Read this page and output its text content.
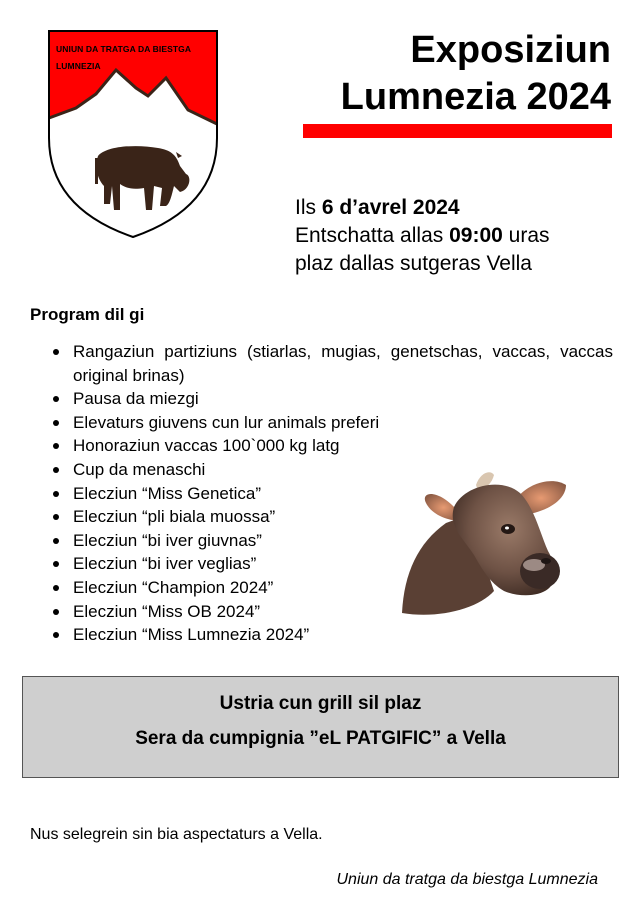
UNIUN DA TRATGA DA BIESTGA
LUMNEZIA	Exposiziun
Lumnezia 2024
Ils 6 d’avrel 2024
Entschatta allas 09:00 uras
plaz dallas sutgeras Vella
Program dil gi
Rangaziun partiziuns (stiarlas, mugias, genetschas, vaccas, vaccas original brinas)
Pausa da miezgi
Elevaturs giuvens cun lur animals preferi
Honoraziun vaccas 100`000 kg latg
Cup da menaschi
Elecziun “Miss Genetica”
Elecziun “pli biala muossa”
Elecziun “bi iver giuvnas”
Elecziun “bi iver veglias”
Elecziun “Champion 2024”
Elecziun “Miss OB 2024”
Elecziun “Miss Lumnezia 2024”
Ustria cun grill sil plaz
Sera da cumpignia ”eL PATGIFIC” a Vella
Nus selegrein sin bia aspectaturs a Vella.
Uniun da tratga da biestga Lumnezia
